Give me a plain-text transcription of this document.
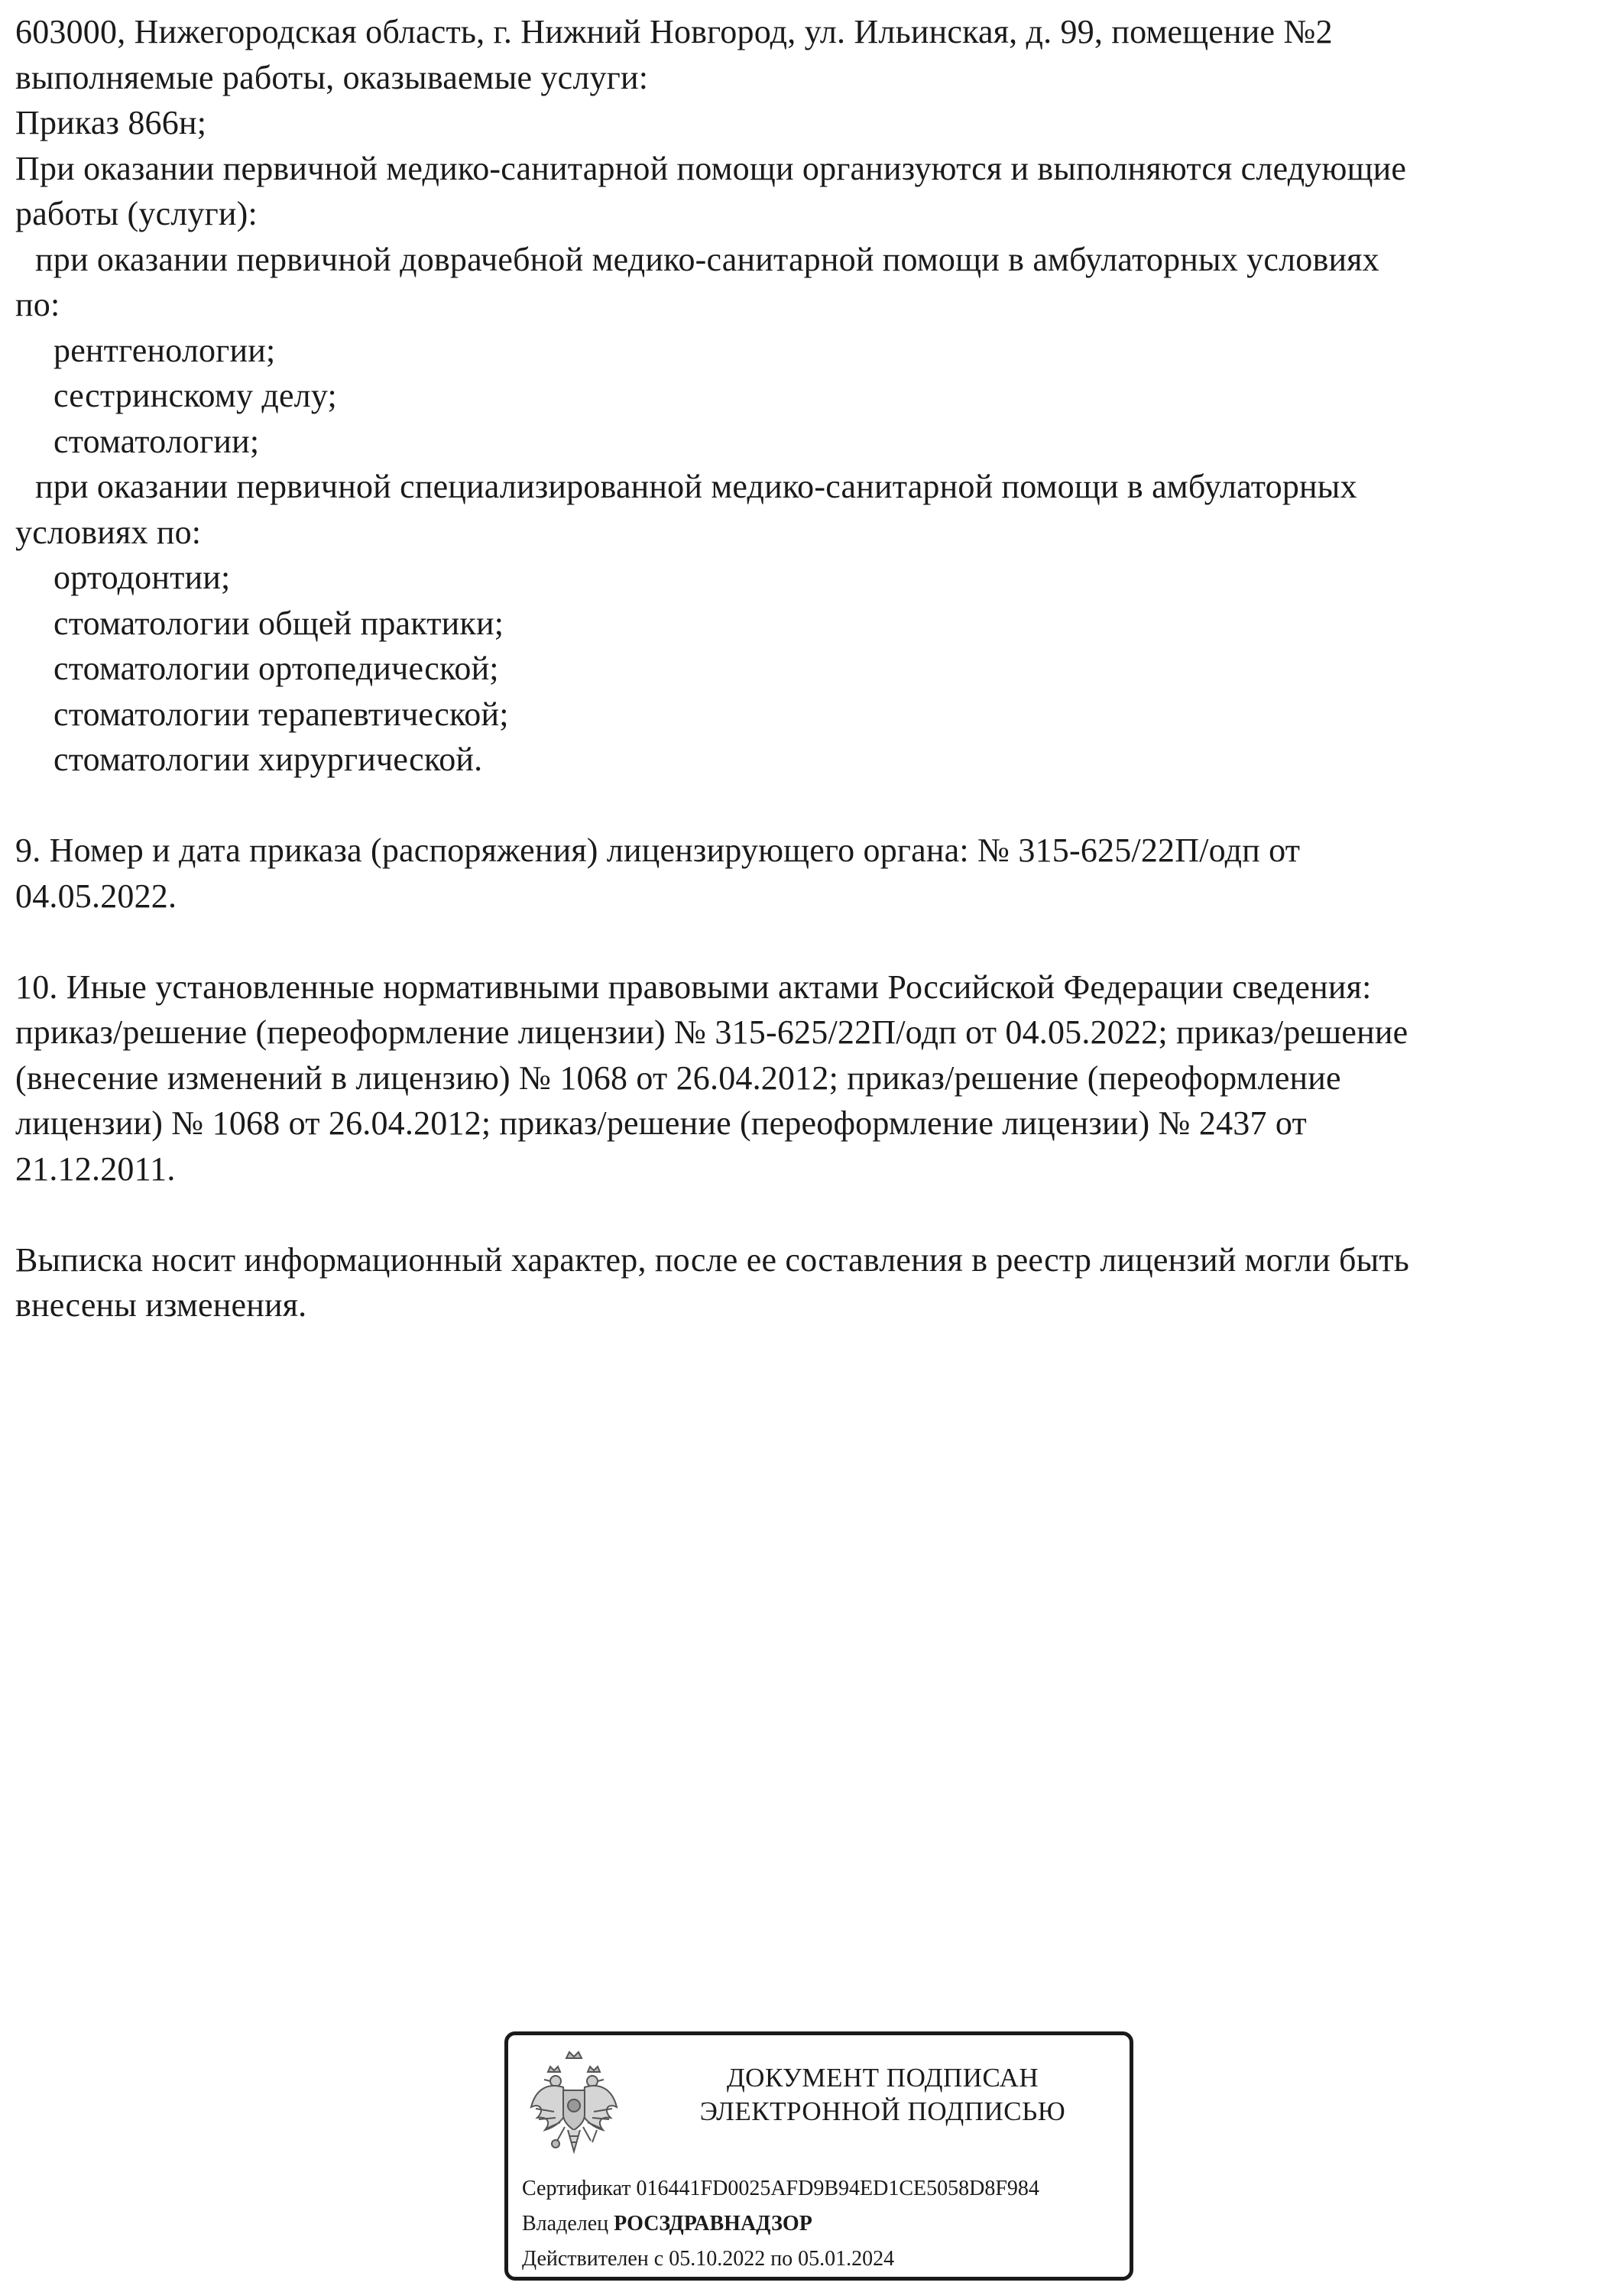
603000, Нижегородская область, г. Нижний Новгород, ул. Ильинская, д. 99, помещение №2
выполняемые работы, оказываемые услуги:
Приказ 866н;
При оказании первичной медико-санитарной помощи организуются и выполняются следующие
работы (услуги):
при оказании первичной доврачебной медико-санитарной помощи в амбулаторных условиях
по:
рентгенологии;
сестринскому делу;
стоматологии;
при оказании первичной специализированной медико-санитарной помощи в амбулаторных
условиях по:
ортодонтии;
стоматологии общей практики;
стоматологии ортопедической;
стоматологии терапевтической;
стоматологии хирургической.
9. Номер и дата приказа (распоряжения) лицензирующего органа: № 315-625/22П/одп от
04.05.2022.
10. Иные установленные нормативными правовыми актами Российской Федерации сведения:
приказ/решение (переоформление лицензии) № 315-625/22П/одп от 04.05.2022; приказ/решение
(внесение изменений в лицензию) № 1068 от 26.04.2012; приказ/решение (переоформление
лицензии) № 1068 от 26.04.2012; приказ/решение (переоформление лицензии) № 2437 от
21.12.2011.
Выписка носит информационный характер, после ее составления в реестр лицензий могли быть
внесены изменения.
ДОКУМЕНТ ПОДПИСАН
ЭЛЕКТРОННОЙ ПОДПИСЬЮ
Сертификат 016441FD0025AFD9B94ED1CE5058D8F984
Владелец РОСЗДРАВНАДЗОР
Действителен с 05.10.2022 по 05.01.2024
